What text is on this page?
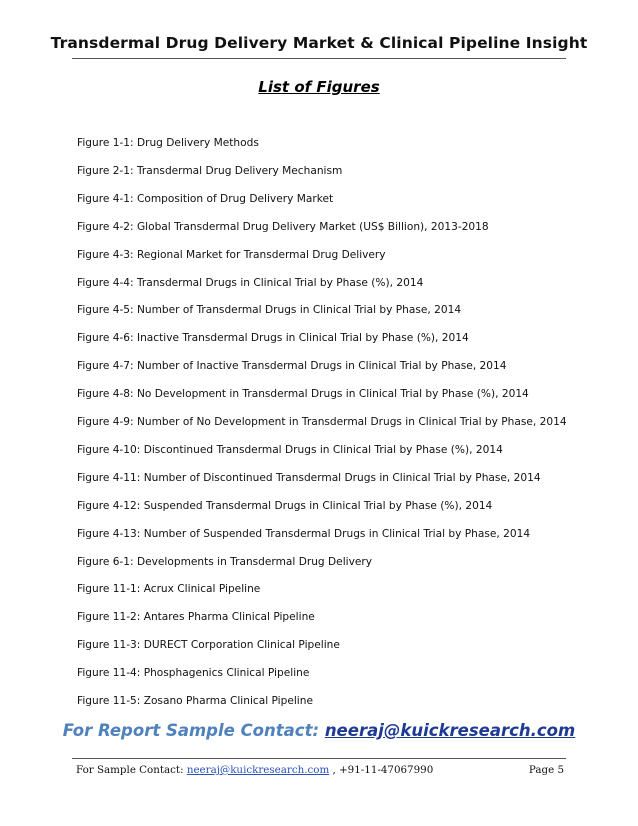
Transdermal Drug Delivery Market & Clinical Pipeline Insight
List of Figures
Figure 1-1: Drug Delivery Methods
Figure 2-1: Transdermal Drug Delivery Mechanism
Figure 4-1: Composition of Drug Delivery Market
Figure 4-2: Global Transdermal Drug Delivery Market (US$ Billion), 2013-2018
Figure 4-3: Regional Market for Transdermal Drug Delivery
Figure 4-4: Transdermal Drugs in Clinical Trial by Phase (%), 2014
Figure 4-5: Number of Transdermal Drugs in Clinical Trial by Phase, 2014
Figure 4-6: Inactive Transdermal Drugs in Clinical Trial by Phase (%), 2014
Figure 4-7: Number of Inactive Transdermal Drugs in Clinical Trial by Phase, 2014
Figure 4-8: No Development in Transdermal Drugs in Clinical Trial by Phase (%), 2014
Figure 4-9: Number of No Development in Transdermal Drugs in Clinical Trial by Phase, 2014
Figure 4-10: Discontinued Transdermal Drugs in Clinical Trial by Phase (%), 2014
Figure 4-11: Number of Discontinued Transdermal Drugs in Clinical Trial by Phase, 2014
Figure 4-12: Suspended Transdermal Drugs in Clinical Trial by Phase (%), 2014
Figure 4-13: Number of Suspended Transdermal Drugs in Clinical Trial by Phase, 2014
Figure 6-1: Developments in Transdermal Drug Delivery
Figure 11-1: Acrux Clinical Pipeline
Figure 11-2: Antares Pharma Clinical Pipeline
Figure 11-3: DURECT Corporation Clinical Pipeline
Figure 11-4: Phosphagenics Clinical Pipeline
Figure 11-5: Zosano Pharma Clinical Pipeline
For Report Sample Contact: neeraj@kuickresearch.com
For Sample Contact: neeraj@kuickresearch.com , +91-11-47067990	Page 5
